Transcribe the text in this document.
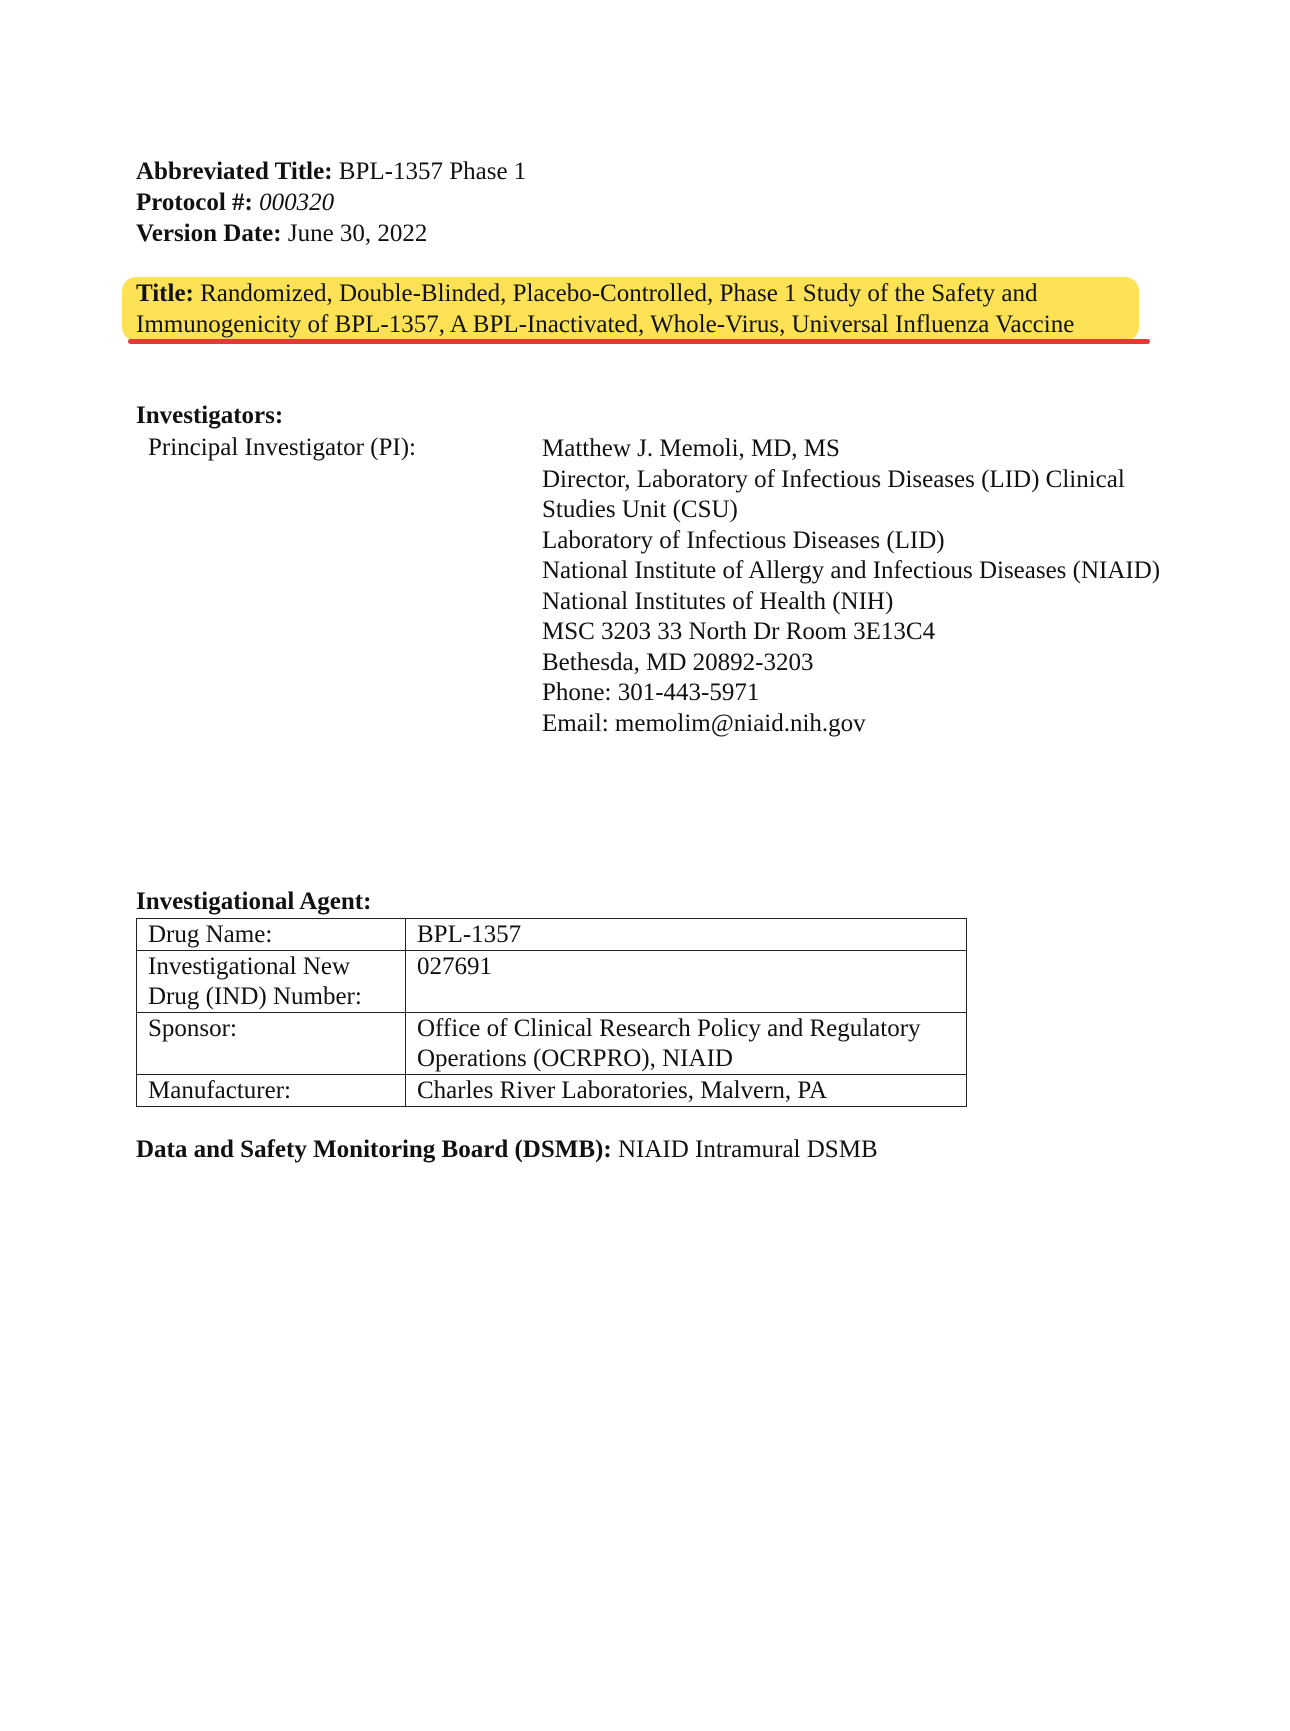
Abbreviated Title: BPL-1357 Phase 1
Protocol #: 000320
Version Date: June 30, 2022
Title: Randomized, Double-Blinded, Placebo-Controlled, Phase 1 Study of the Safety and
Immunogenicity of BPL-1357, A BPL-Inactivated, Whole-Virus, Universal Influenza Vaccine
Investigators:
Principal Investigator (PI):	Matthew J. Memoli, MD, MS
Director, Laboratory of Infectious Diseases (LID) Clinical
Studies Unit (CSU)
Laboratory of Infectious Diseases (LID)
National Institute of Allergy and Infectious Diseases (NIAID)
National Institutes of Health (NIH)
MSC 3203 33 North Dr Room 3E13C4
Bethesda, MD 20892-3203
Phone: 301-443-5971
Email: memolim@niaid.nih.gov
Investigational Agent:
Drug Name:	BPL-1357

Investigational New
Drug (IND) Number:	027691

Sponsor:	Office of Clinical Research Policy and Regulatory
Operations (OCRPRO), NIAID

Manufacturer:	Charles River Laboratories, Malvern, PA
Data and Safety Monitoring Board (DSMB): NIAID Intramural DSMB
